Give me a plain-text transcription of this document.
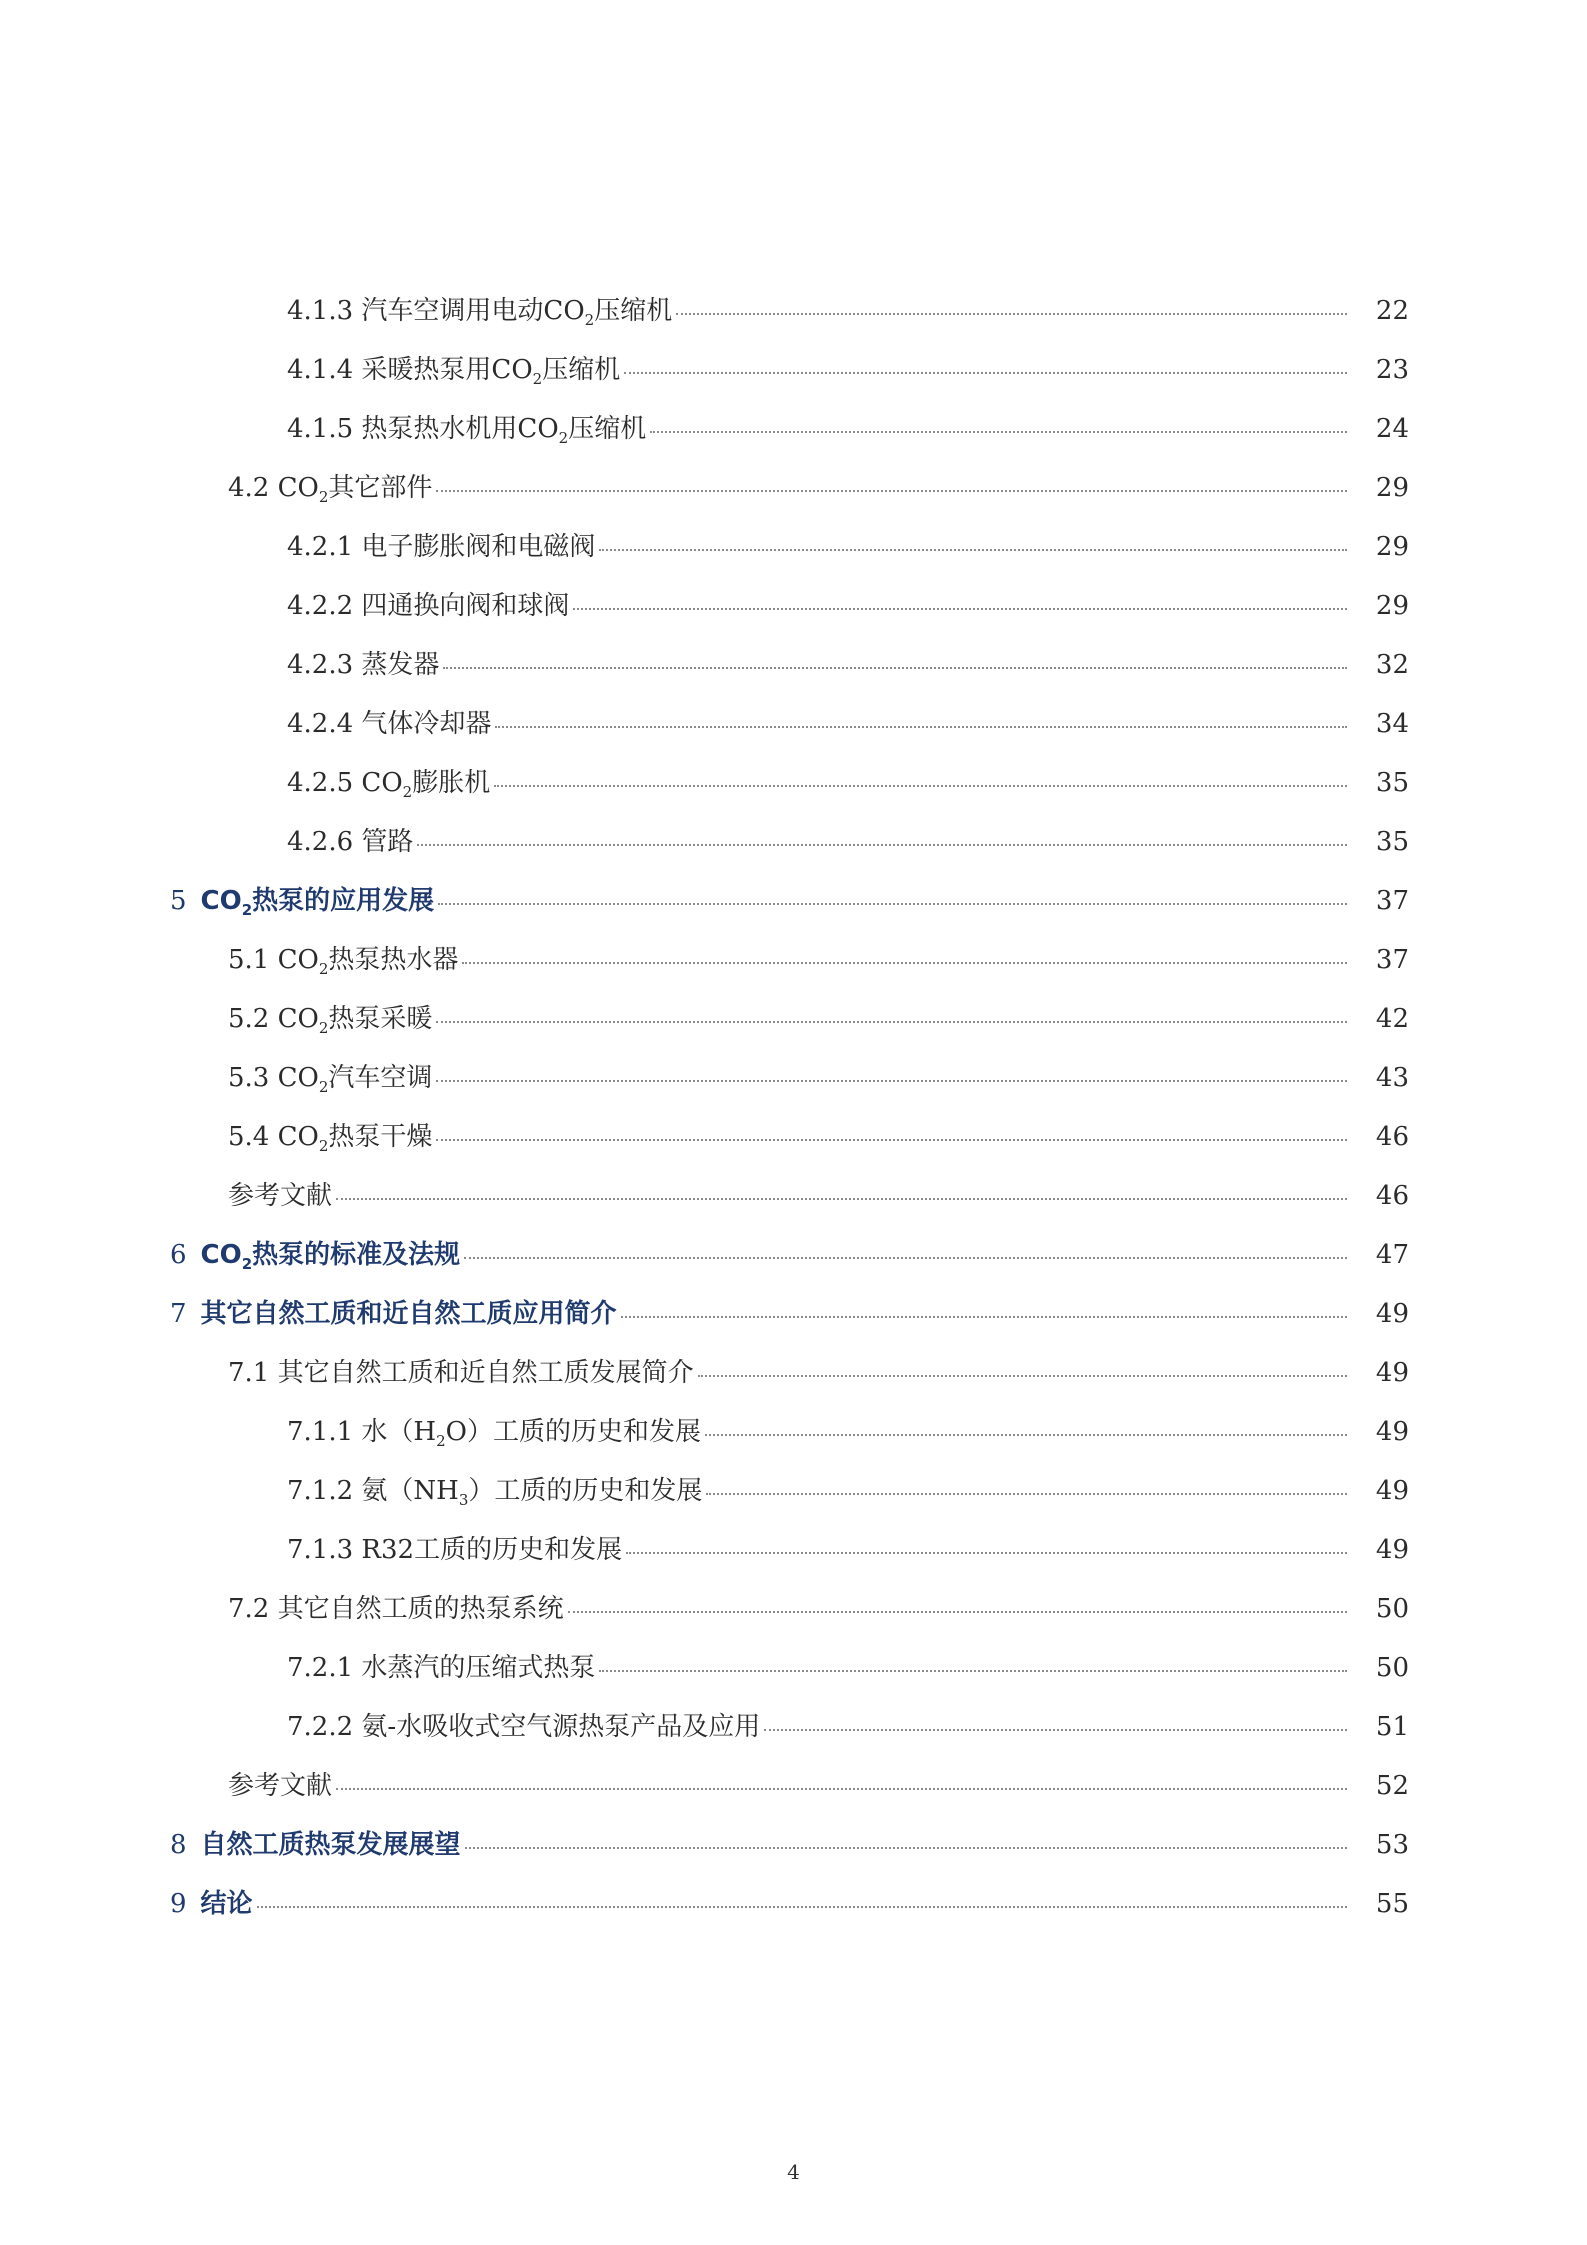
4.1.3 汽车空调用电动$CO_2$压缩机	22
4.1.4 采暖热泵用$CO_2$压缩机	23
4.1.5 热泵热水机用$CO_2$压缩机	24
4.2 $CO_2$其它部件	29
4.2.1 电子膨胀阀和电磁阀	29
4.2.2 四通换向阀和球阀	29
4.2.3 蒸发器	32
4.2.4 气体冷却器	34
4.2.5 $CO_2$膨胀机	35
4.2.6 管路	35
5 $CO_2$热泵的应用发展	37
5.1 $CO_2$热泵热水器	37
5.2 $CO_2$热泵采暖	42
5.3 $CO_2$汽车空调	43
5.4 $CO_2$热泵干燥	46
参考文献	46
6 $CO_2$热泵的标准及法规	47
7 其它自然工质和近自然工质应用简介	49
7.1 其它自然工质和近自然工质发展简介	49
7.1.1 水$(H_2O)$工质的历史和发展	49
7.1.2 氨$(NH_3)$工质的历史和发展	49
7.1.3 R32工质的历史和发展	49
7.2 其它自然工质的热泵系统	50
7.2.1 水蒸汽的压缩式热泵	50
7.2.2 氨-水吸收式空气源热泵产品及应用	51
参考文献	52
8 自然工质热泵发展展望	53
9 结论	55
4
